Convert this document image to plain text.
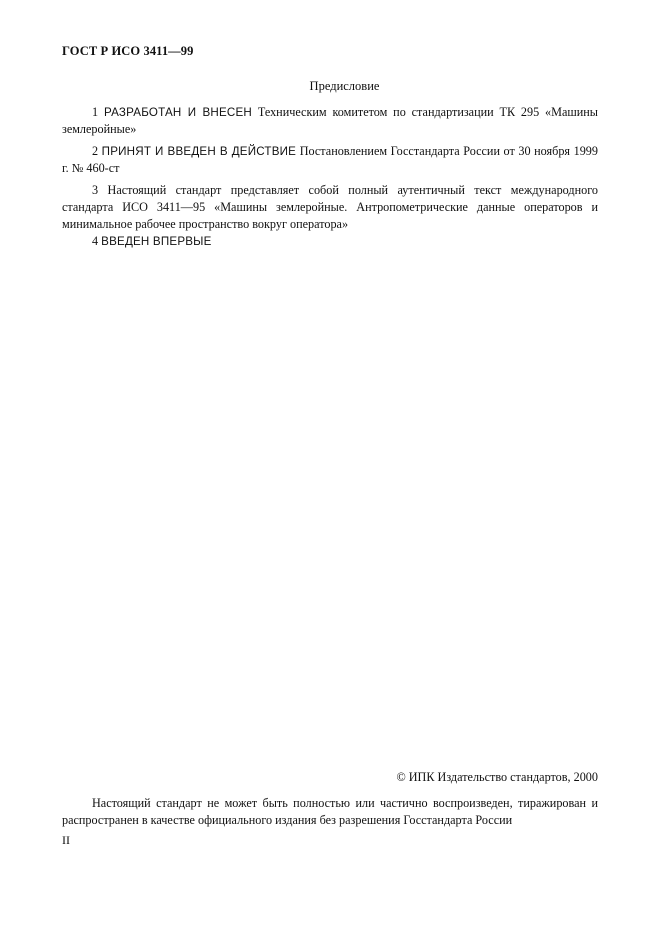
ГОСТ Р ИСО 3411—99
Предисловие

1 РАЗРАБОТАН И ВНЕСЕН Техническим комитетом по стандартизации ТК 295 «Машины землеройные»

2 ПРИНЯТ И ВВЕДЕН В ДЕЙСТВИЕ Постановлением Госстандарта России от 30 ноября 1999 г. № 460-ст

3 Настоящий стандарт представляет собой полный аутентичный текст международного стандарта ИСО 3411—95 «Машины землеройные. Антропометрические данные операторов и минимальное рабочее пространство вокруг оператора»

4 ВВЕДЕН ВПЕРВЫЕ

© ИПК Издательство стандартов, 2000

Настоящий стандарт не может быть полностью или частично воспроизведен, тиражирован и распространен в качестве официального издания без разрешения Госстандарта России

II
